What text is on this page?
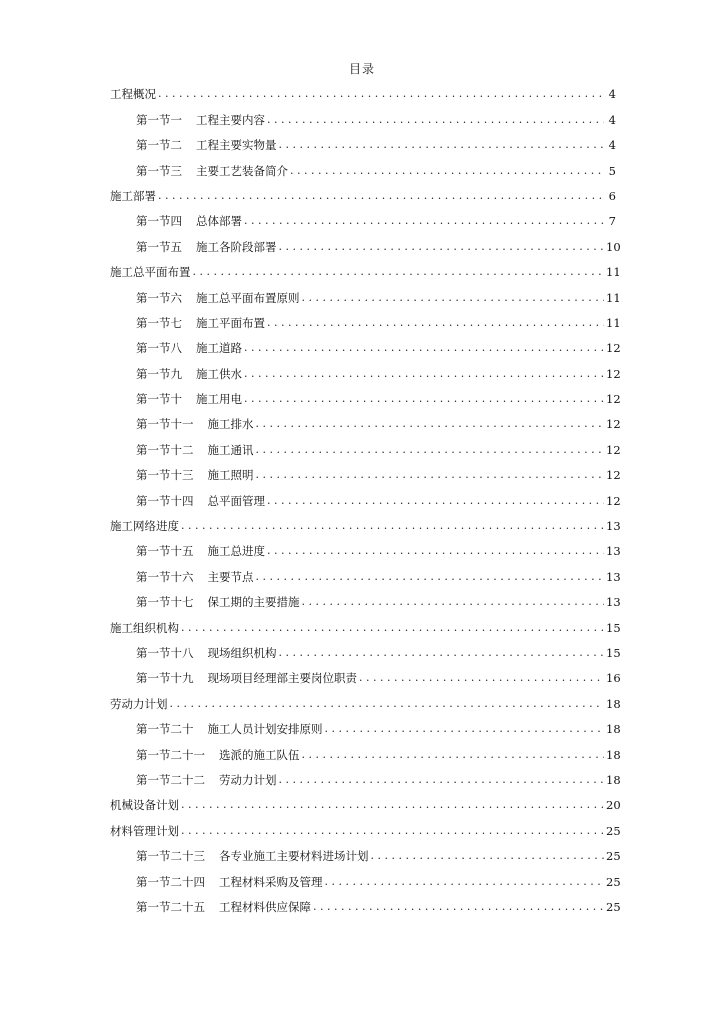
目录
工程概况 . . .	4
第一节一	工程主要内容 . . .	4
第一节二	工程主要实物量 . . .	4
第一节三	主要工艺装备简介 . . .	5
施工部署 . . .	6
第一节四	总体部署 . . .	7
第一节五	施工各阶段部署 . . .	10
施工总平面布置 . . .	11
第一节六	施工总平面布置原则 . . .	11
第一节七	施工平面布置 . . .	11
第一节八	施工道路 . . .	12
第一节九	施工供水 . . .	12
第一节十	施工用电 . . .	12
第一节十一	施工排水 . . .	12
第一节十二	施工通讯 . . .	12
第一节十三	施工照明 . . .	12
第一节十四	总平面管理 . . .	12
施工网络进度 . . .	13
第一节十五	施工总进度 . . .	13
第一节十六	主要节点 . . .	13
第一节十七	保工期的主要措施 . . .	13
施工组织机构 . . .	15
第一节十八	现场组织机构 . . .	15
第一节十九	现场项目经理部主要岗位职责 . . .	16
劳动力计划 . . .	18
第一节二十	施工人员计划安排原则 . . .	18
第一节二十一	选派的施工队伍 . . .	18
第一节二十二	劳动力计划 . . .	18
机械设备计划 . . .	20
材料管理计划 . . .	25
第一节二十三	各专业施工主要材料进场计划 . . .	25
第一节二十四	工程材料采购及管理 . . .	25
第一节二十五	工程材料供应保障 . . .	25
